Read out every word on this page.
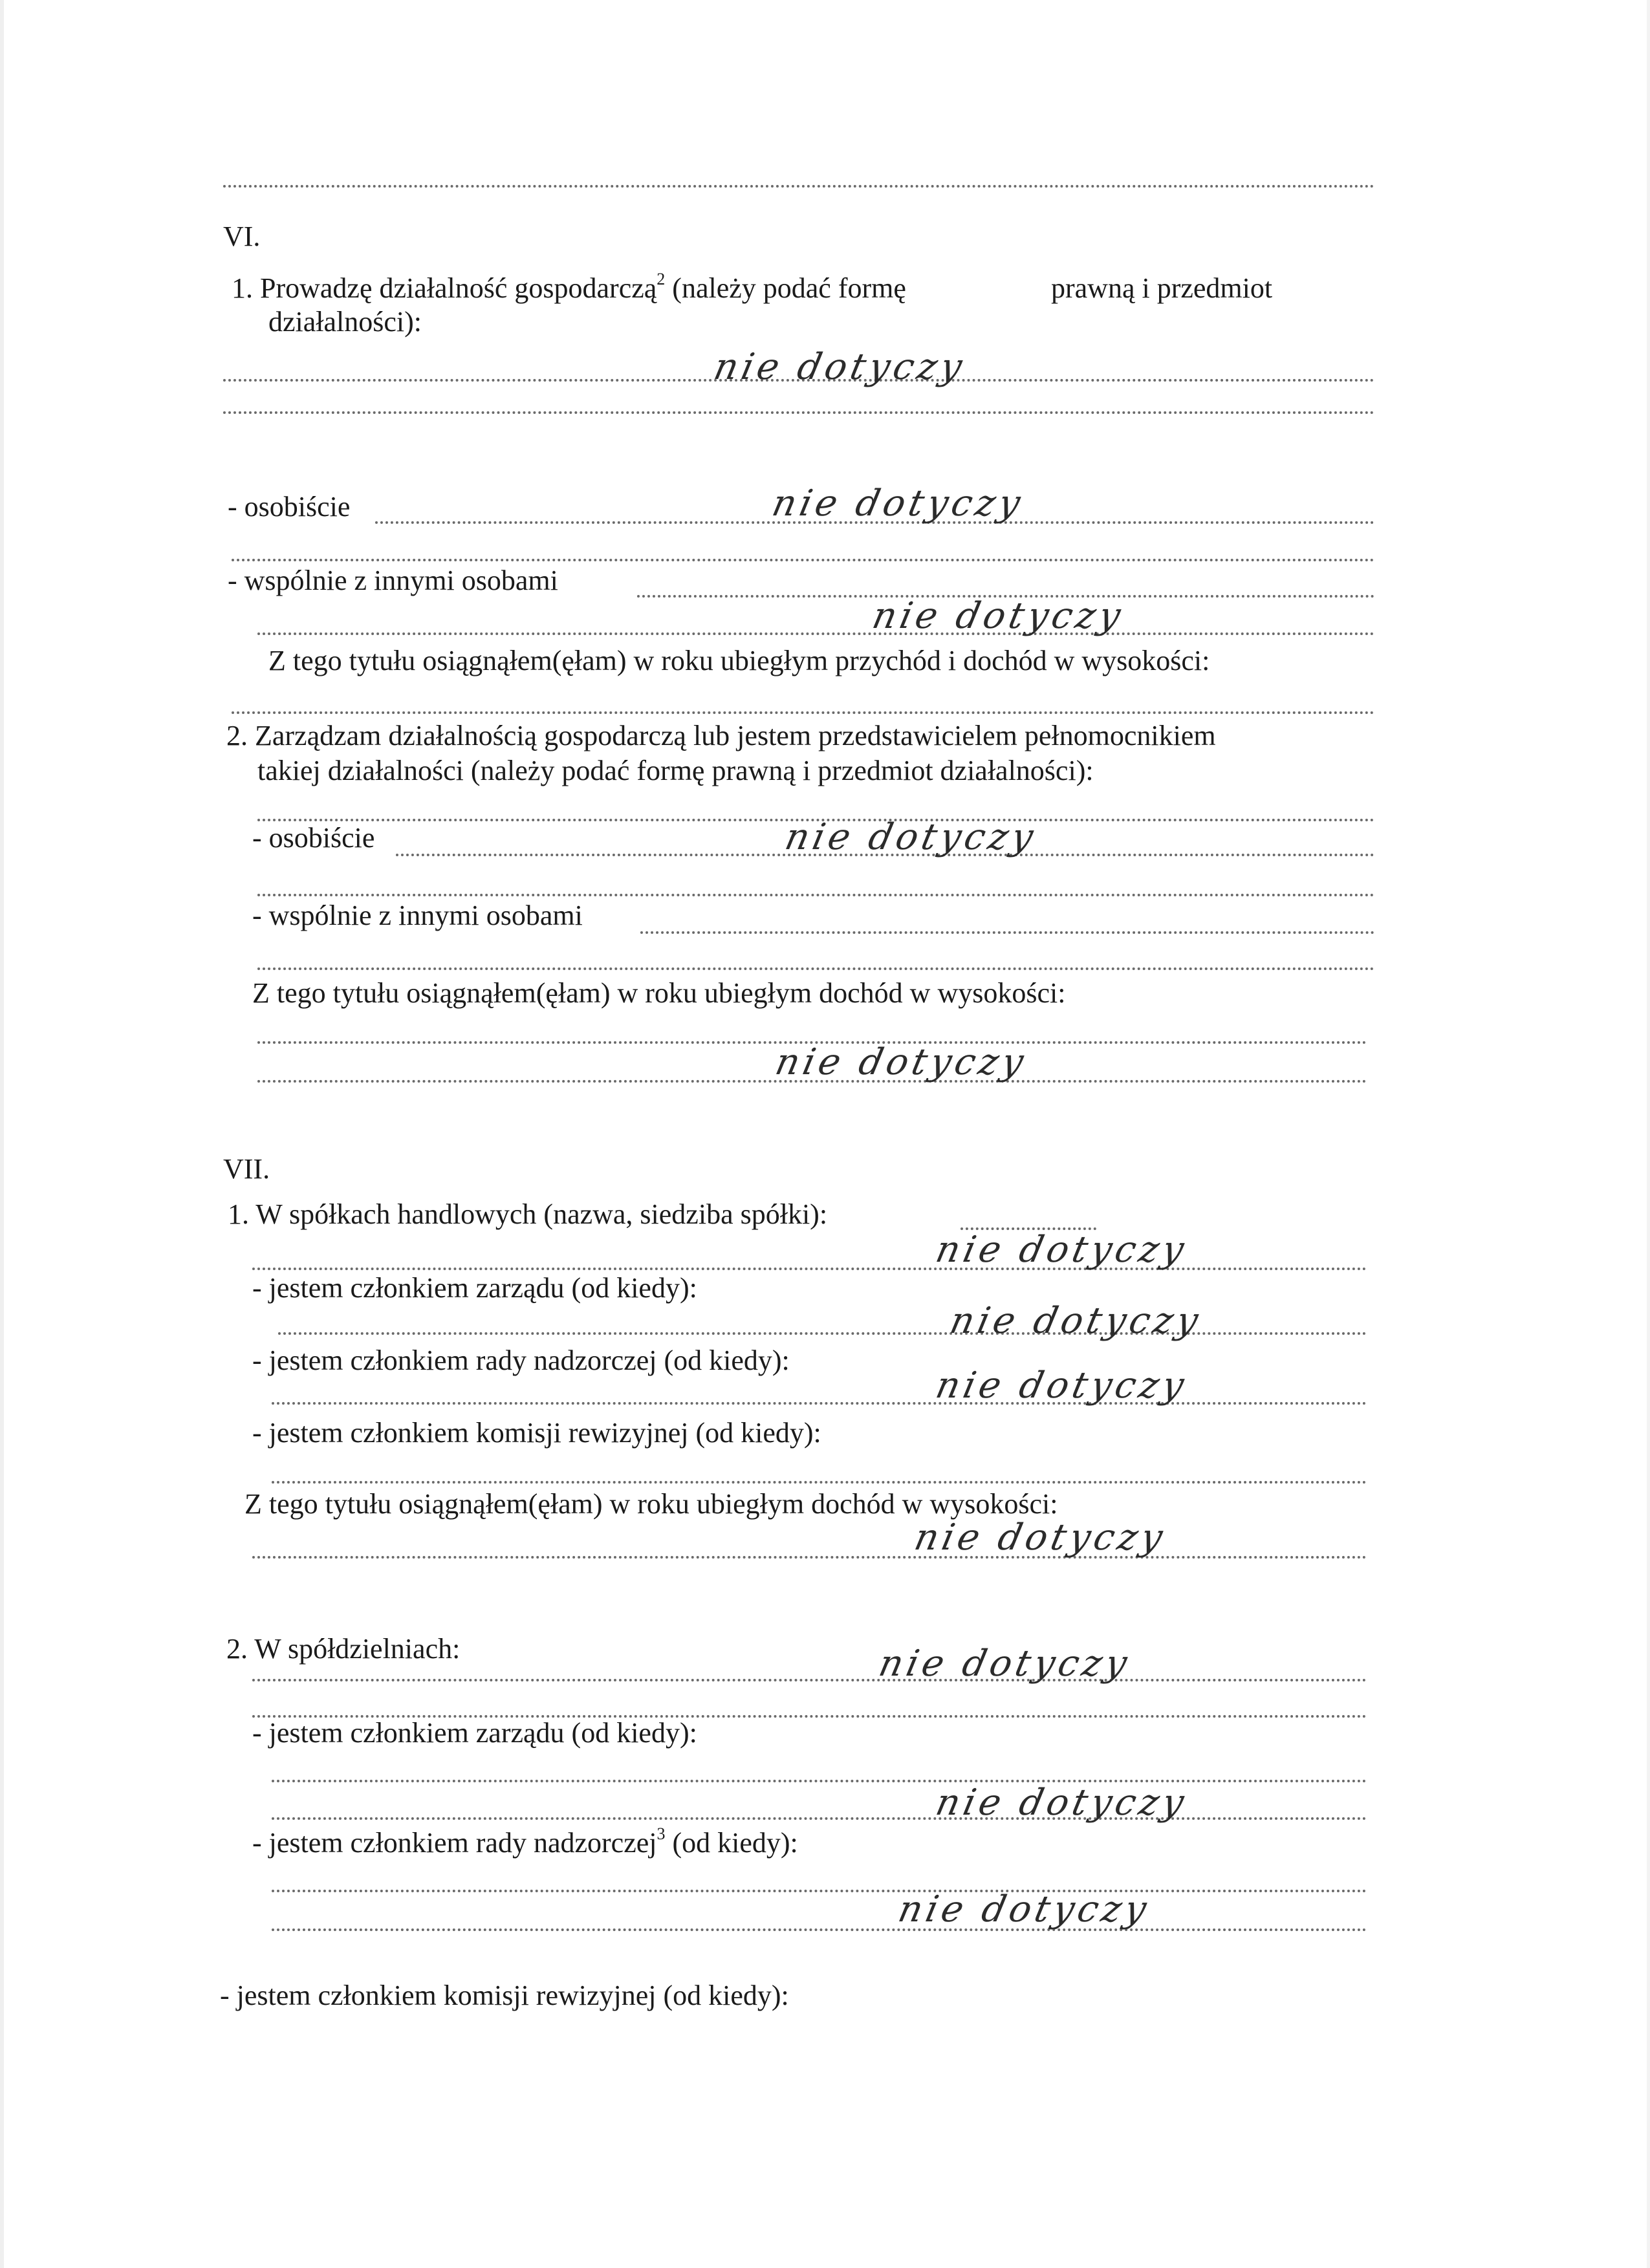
VI.
1. Prowadzę działalność gospodarczą$^2$ (należy podać formę	prawną i przedmiot
działalności):
nie dotyczy
- osobiście	nie dotyczy
- wspólnie z innymi osobami
nie dotyczy
Z tego tytułu osiągnąłem(ęłam) w roku ubiegłym przychód i dochód w wysokości:
2. Zarządzam działalnością gospodarczą lub jestem przedstawicielem pełnomocnikiem
takiej działalności (należy podać formę prawną i przedmiot działalności):
- osobiście	nie dotyczy
- wspólnie z innymi osobami
Z tego tytułu osiągnąłem(ęłam) w roku ubiegłym dochód w wysokości:
nie dotyczy
VII.
1. W spółkach handlowych (nazwa, siedziba spółki):
nie dotyczy
- jestem członkiem zarządu (od kiedy):
nie dotyczy
- jestem członkiem rady nadzorczej (od kiedy):
nie dotyczy
- jestem członkiem komisji rewizyjnej (od kiedy):
Z tego tytułu osiągnąłem(ęłam) w roku ubiegłym dochód w wysokości:
nie dotyczy
2. W spółdzielniach:	nie dotyczy
- jestem członkiem zarządu (od kiedy):
nie dotyczy
- jestem członkiem rady nadzorczej$^3$ (od kiedy):
nie dotyczy
- jestem członkiem komisji rewizyjnej (od kiedy):
